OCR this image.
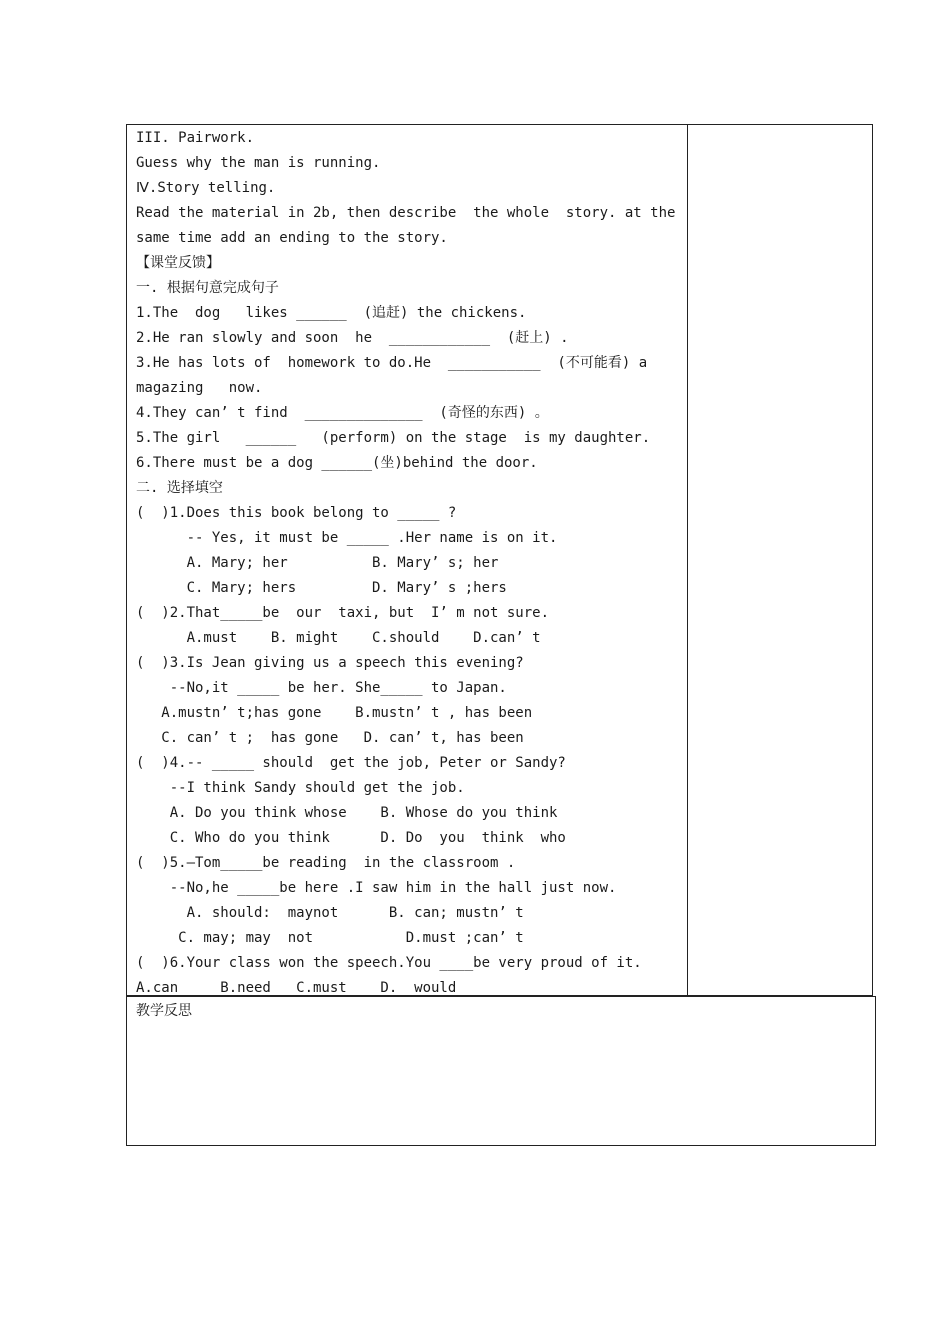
III. Pairwork.
Guess why the man is running.
Ⅳ.Story telling.
Read the material in 2b, then describe  the whole  story. at the
same time add an ending to the story.
【课堂反馈】
一. 根据句意完成句子
1.The  dog   likes ______  (追赶) the chickens.
2.He ran slowly and soon  he  ____________  (赶上) .
3.He has lots of  homework to do.He  ___________  (不可能看) a
magazing   now.
4.They can’ t find  ______________  (奇怪的东西) 。
5.The girl   ______   (perform) on the stage  is my daughter.
6.There must be a dog ______(坐)behind the door.
二. 选择填空
(  )1.Does this book belong to _____ ?
-- Yes, it must be _____ .Her name is on it.
A. Mary; her          B. Mary’ s; her
C. Mary; hers         D. Mary’ s ;hers
(  )2.That_____be  our  taxi, but  I’ m not sure.
A.must    B. might    C.should    D.can’ t
(  )3.Is Jean giving us a speech this evening?
--No,it _____ be her. She_____ to Japan.
A.mustn’ t;has gone    B.mustn’ t , has been
C. can’ t ;  has gone   D. can’ t, has been
(  )4.-- _____ should  get the job, Peter or Sandy?
--I think Sandy should get the job.
A. Do you think whose    B. Whose do you think
C. Who do you think      D. Do  you  think  who
(  )5.—Tom_____be reading  in the classroom .
--No,he _____be here .I saw him in the hall just now.
A. should:  maynot      B. can; mustn’ t
C. may; may  not           D.must ;can’ t
(  )6.Your class won the speech.You ____be very proud of it.
A.can     B.need   C.must    D.  would
教学反思
